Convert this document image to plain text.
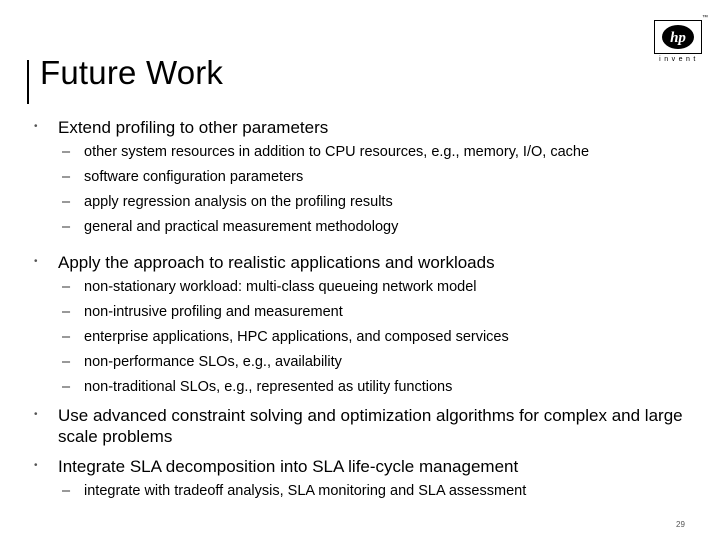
Future Work
hp
™
invent
• Extend profiling to other parameters
– other system resources in addition to CPU resources, e.g., memory, I/O, cache
– software configuration parameters
– apply regression analysis on the profiling results
– general and practical measurement methodology
• Apply the approach to realistic applications and workloads
– non-stationary workload: multi-class queueing network model
– non-intrusive profiling and measurement
– enterprise applications, HPC applications, and composed services
– non-performance SLOs, e.g., availability
– non-traditional SLOs, e.g., represented as utility functions
• Use advanced constraint solving and optimization algorithms for complex and large scale problems
• Integrate SLA decomposition into SLA life-cycle management
– integrate with tradeoff analysis, SLA monitoring and SLA assessment
29
